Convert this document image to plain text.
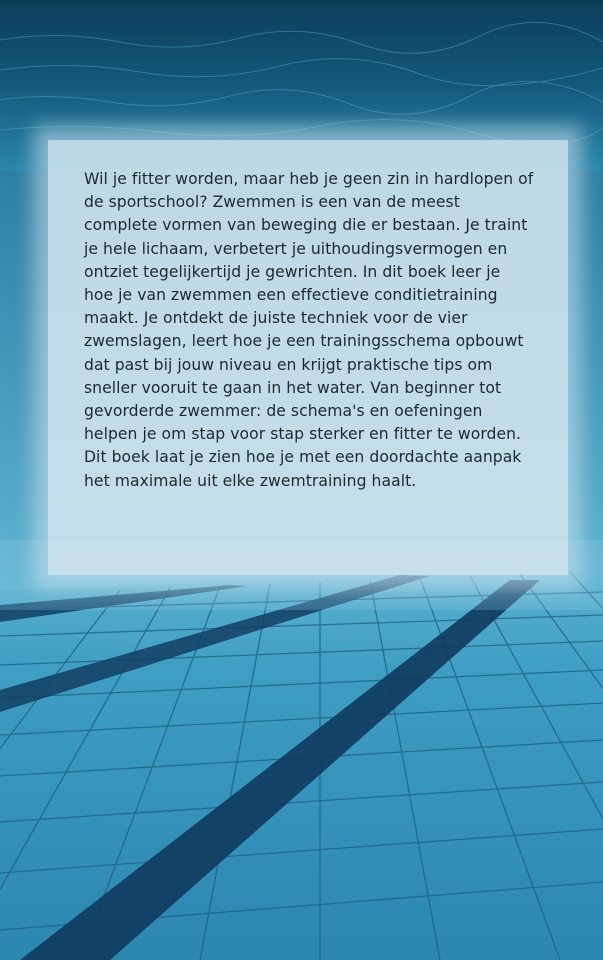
Wil je fitter worden, maar heb je geen zin in hardlopen of de sportschool? Zwemmen is een van de meest complete vormen van beweging die er bestaan. Je traint je hele lichaam, verbetert je uithoudingsvermogen en ontziet tegelijkertijd je gewrichten. In dit boek leer je hoe je van zwemmen een effectieve conditietraining maakt. Je ontdekt de juiste techniek voor de vier zwemslagen, leert hoe je een trainingsschema opbouwt dat past bij jouw niveau en krijgt praktische tips om sneller vooruit te gaan in het water. Van beginner tot gevorderde zwemmer: de schema's en oefeningen helpen je om stap voor stap sterker en fitter te worden. Dit boek laat je zien hoe je met een doordachte aanpak het maximale uit elke zwemtraining haalt.
